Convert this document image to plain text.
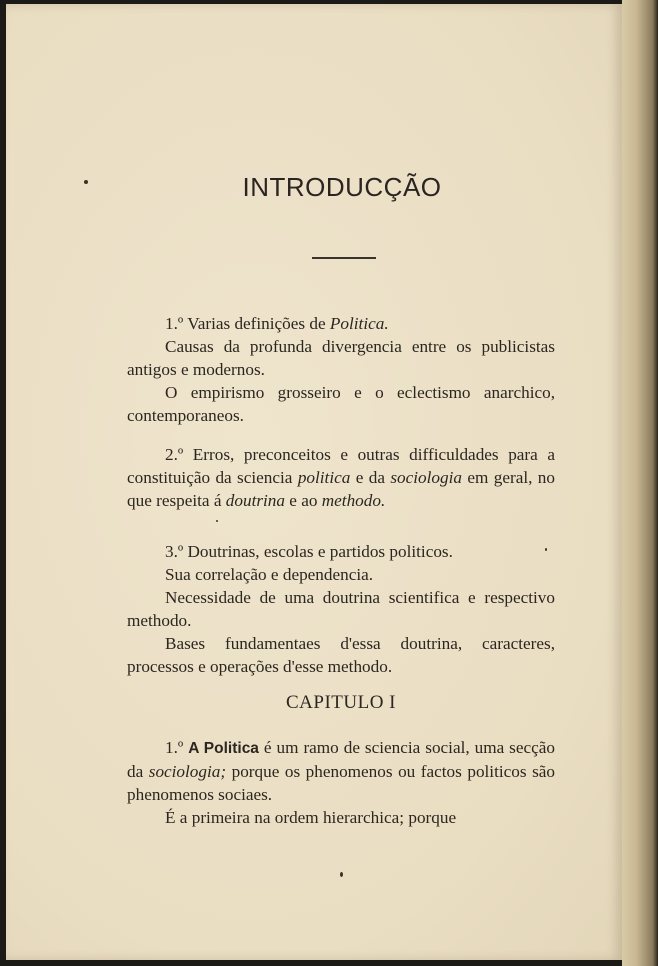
INTRODUCÇÃO

1.º Varias definições de Politica.

Causas da profunda divergencia entre os publicistas antigos e modernos.

O empirismo grosseiro e o eclectismo anarchico, contemporaneos.

2.º Erros, preconceitos e outras difficuldades para a constituição da sciencia politica e da sociologia em geral, no que respeita á doutrina e ao methodo.

3.º Doutrinas, escolas e partidos politicos.

Sua correlação e dependencia.

Necessidade de uma doutrina scientifica e respectivo methodo.

Bases fundamentaes d'essa doutrina, caracteres, processos e operações d'esse methodo.

CAPITULO I

1.º A Politica é um ramo de sciencia social, uma secção da sociologia; porque os phenomenos ou factos politicos são phenomenos sociaes.

É a primeira na ordem hierarchica; porque
